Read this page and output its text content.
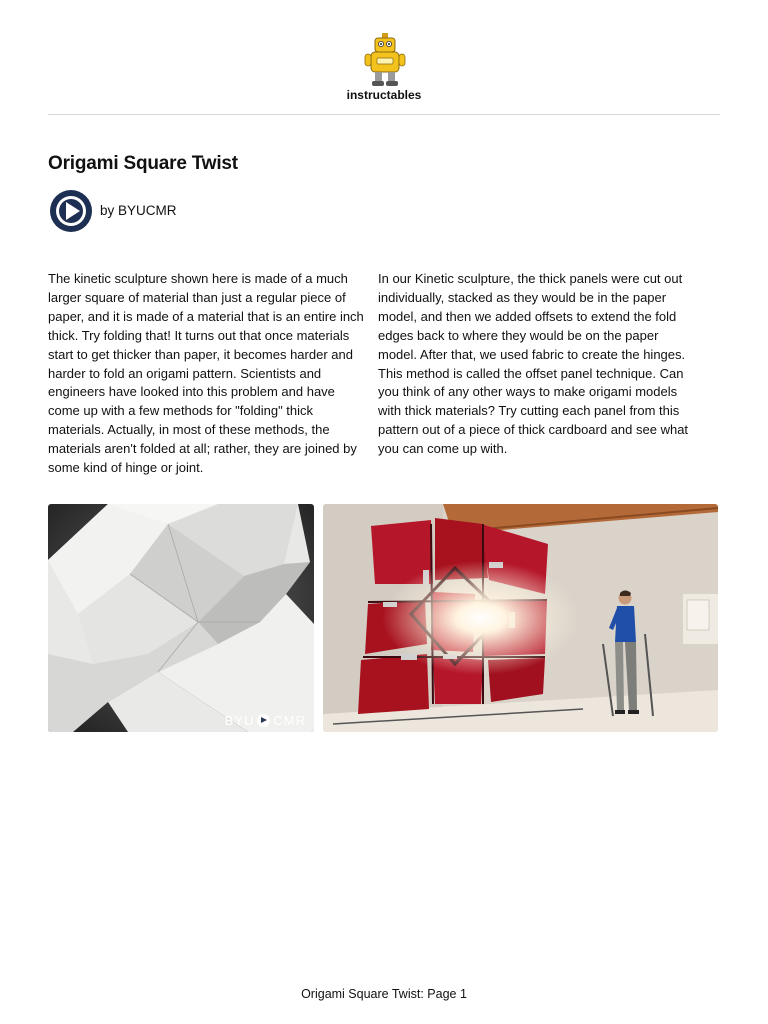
instructables
Origami Square Twist
by BYUCMR

The kinetic sculpture shown here is made of a much larger square of material than just a regular piece of paper, and it is made of a material that is an entire inch thick. Try folding that! It turns out that once materials start to get thicker than paper, it becomes harder and harder to fold an origami pattern. Scientists and engineers have looked into this problem and have come up with a few methods for "folding" thick materials. Actually, in most of these methods, the materials aren't folded at all; rather, they are joined by some kind of hinge or joint.

In our Kinetic sculpture, the thick panels were cut out individually, stacked as they would be in the paper model, and then we added offsets to extend the fold edges back to where they would be on the paper model. After that, we used fabric to create the hinges. This method is called the offset panel technique. Can you think of any other ways to make origami models with thick materials? Try cutting each panel from this pattern out of a piece of thick cardboard and see what you can come up with.

BYU CMR
Origami Square Twist: Page 1
